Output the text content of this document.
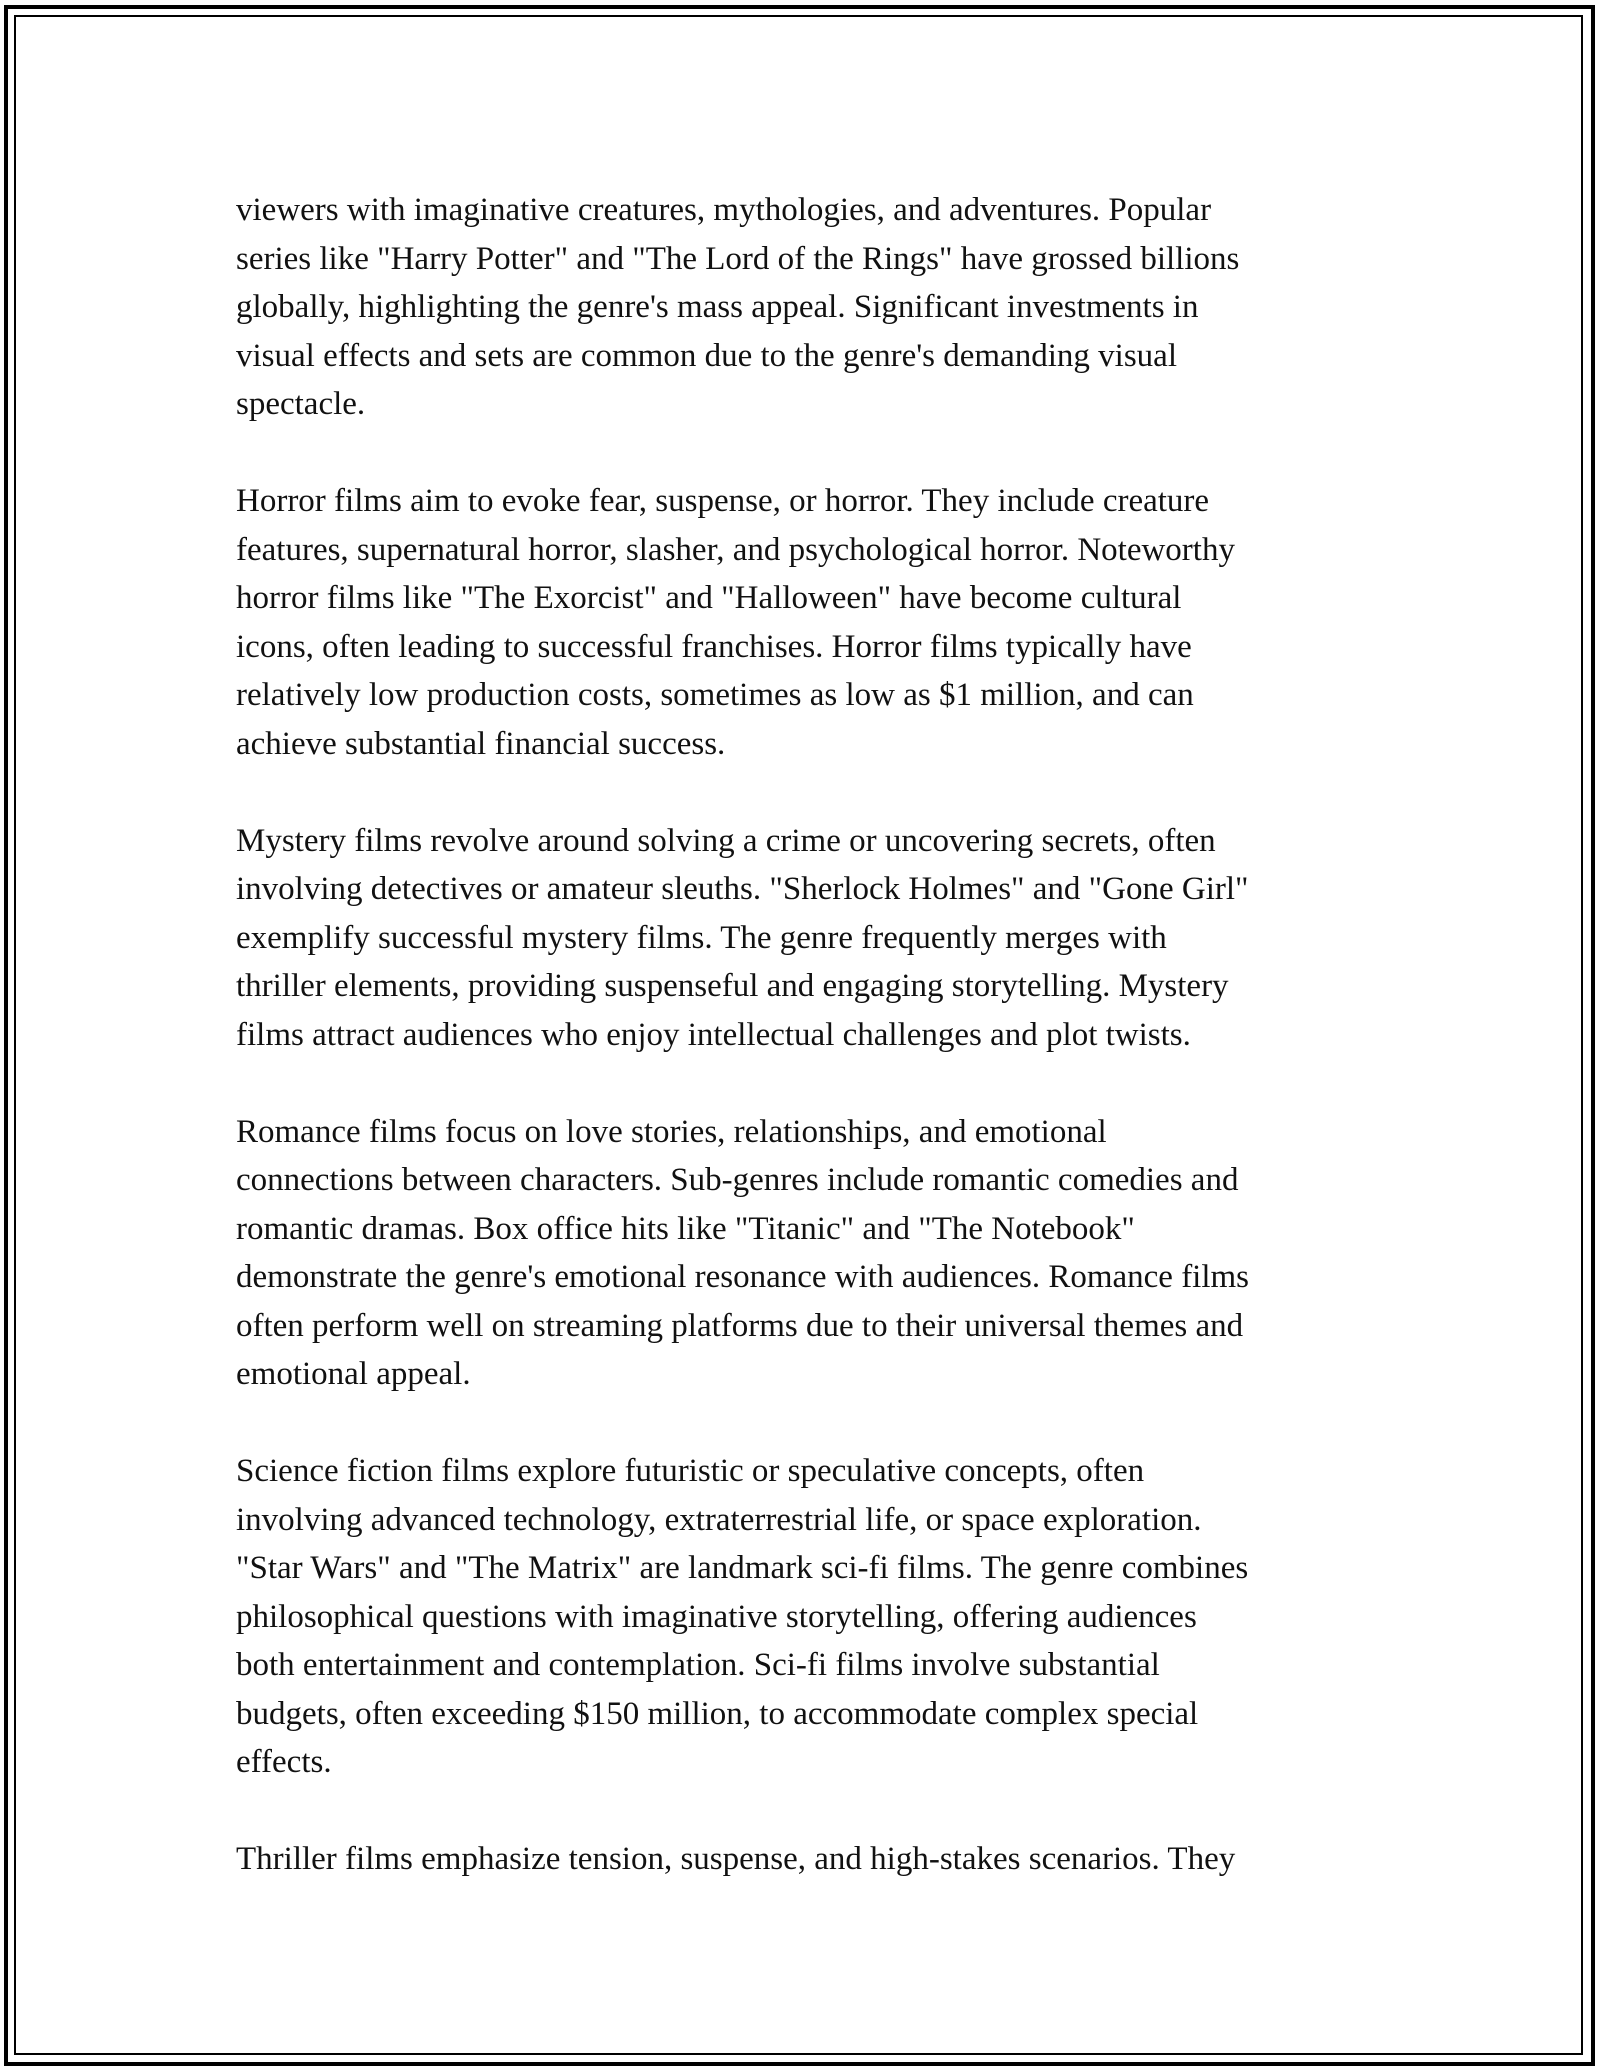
viewers with imaginative creatures, mythologies, and adventures. Popular
series like "Harry Potter" and "The Lord of the Rings" have grossed billions
globally, highlighting the genre's mass appeal. Significant investments in
visual effects and sets are common due to the genre's demanding visual
spectacle.

Horror films aim to evoke fear, suspense, or horror. They include creature
features, supernatural horror, slasher, and psychological horror. Noteworthy
horror films like "The Exorcist" and "Halloween" have become cultural
icons, often leading to successful franchises. Horror films typically have
relatively low production costs, sometimes as low as $1 million, and can
achieve substantial financial success.

Mystery films revolve around solving a crime or uncovering secrets, often
involving detectives or amateur sleuths. "Sherlock Holmes" and "Gone Girl"
exemplify successful mystery films. The genre frequently merges with
thriller elements, providing suspenseful and engaging storytelling. Mystery
films attract audiences who enjoy intellectual challenges and plot twists.

Romance films focus on love stories, relationships, and emotional
connections between characters. Sub-genres include romantic comedies and
romantic dramas. Box office hits like "Titanic" and "The Notebook"
demonstrate the genre's emotional resonance with audiences. Romance films
often perform well on streaming platforms due to their universal themes and
emotional appeal.

Science fiction films explore futuristic or speculative concepts, often
involving advanced technology, extraterrestrial life, or space exploration.
"Star Wars" and "The Matrix" are landmark sci-fi films. The genre combines
philosophical questions with imaginative storytelling, offering audiences
both entertainment and contemplation. Sci-fi films involve substantial
budgets, often exceeding $150 million, to accommodate complex special
effects.

Thriller films emphasize tension, suspense, and high-stakes scenarios. They
